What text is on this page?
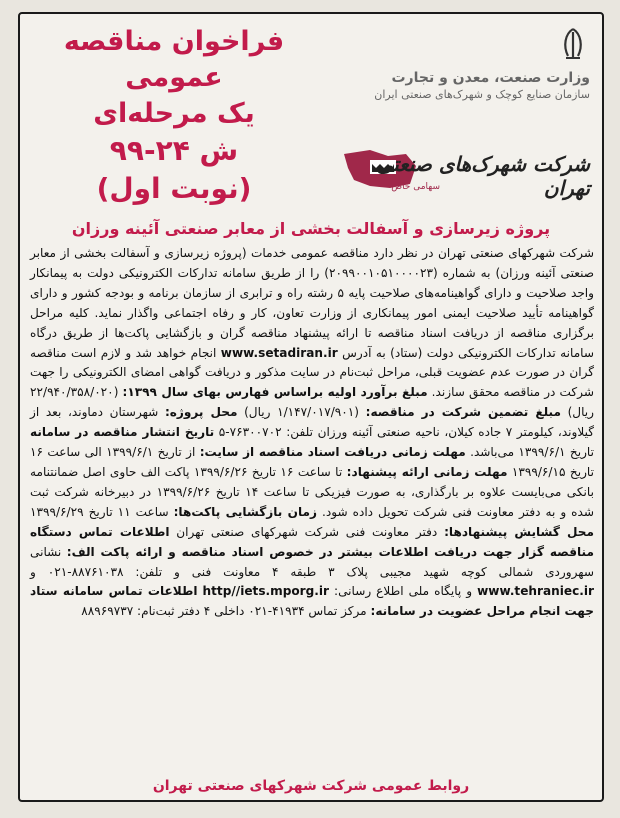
فراخوان مناقصه عمومی
یک مرحله‌ای
ش ۲۴-۹۹
(نوبت اول)
وزارت صنعت، معدن و تجارت
سازمان صنایع کوچک و شهرک‌های صنعتی ایران
شرکت شهرک‌های صنعتی تهران
سهامی خاص
پروژه زیرسازی و آسفالت بخشی از معابر صنعتی آئینه ورزان

شرکت شهرکهای صنعتی تهران در نظر دارد مناقصه عمومی خدمات (پروژه زیرسازی و آسفالت بخشی از معابر صنعتی آئینه ورزان) به شماره (۲۰۹۹۰۰۱۰۵۱۰۰۰۰۲۳) را از طریق سامانه تدارکات الکترونیکی دولت به پیمانکار واجد صلاحیت و دارای گواهینامه‌های صلاحیت پایه ۵ رشته راه و ترابری از سازمان برنامه و بودجه کشور و دارای گواهینامه تأیید صلاحیت ایمنی امور پیمانکاری از وزارت تعاون، کار و رفاه اجتماعی واگذار نماید. کلیه مراحل برگزاری مناقصه از دریافت اسناد مناقصه تا ارائه پیشنهاد مناقصه گران و بازگشایی پاکت‌ها از طریق درگاه سامانه تدارکات الکترونیکی دولت (ستاد) به آدرس www.setadiran.ir انجام خواهد شد و لازم است مناقصه گران در صورت عدم عضویت قبلی، مراحل ثبت‌نام در سایت مذکور و دریافت گواهی امضای الکترونیکی را جهت شرکت در مناقصه محقق سازند. مبلغ برآورد اولیه براساس فهارس بهای سال ۱۳۹۹: (۲۲/۹۴۰/۳۵۸/۰۲۰ ریال) مبلغ تضمین شرکت در مناقصه: (۱/۱۴۷/۰۱۷/۹۰۱ ریال) محل پروژه: شهرستان دماوند، بعد از گیلاوند، کیلومتر ۷ جاده کیلان، ناحیه صنعتی آئینه ورزان تلفن: ۷۶۳۰۰۷۰۲-۵ تاریخ انتشار مناقصه در سامانه تاریخ ۱۳۹۹/۶/۱ می‌باشد. مهلت زمانی دریافت اسناد مناقصه از سایت: از تاریخ ۱۳۹۹/۶/۱ الی ساعت ۱۶ تاریخ ۱۳۹۹/۶/۱۵ مهلت زمانی ارائه پیشنهاد: تا ساعت ۱۶ تاریخ ۱۳۹۹/۶/۲۶ پاکت الف حاوی اصل ضمانتنامه بانکی می‌بایست علاوه بر بارگذاری، به صورت فیزیکی تا ساعت ۱۴ تاریخ ۱۳۹۹/۶/۲۶ در دبیرخانه شرکت ثبت شده و به دفتر معاونت فنی شرکت تحویل داده شود. زمان بازگشایی پاکت‌ها: ساعت ۱۱ تاریخ ۱۳۹۹/۶/۲۹ محل گشایش پیشنهادها: دفتر معاونت فنی شرکت شهرکهای صنعتی تهران اطلاعات تماس دستگاه مناقصه گزار جهت دریافت اطلاعات بیشتر در خصوص اسناد مناقصه و ارائه پاکت الف: نشانی سهروردی شمالی کوچه شهید مجیبی پلاک ۳ طبقه ۴ معاونت فنی و تلفن: ۸۸۷۶۱۰۳۸-۰۲۱ و www.tehraniec.ir و پایگاه ملی اطلاع رسانی: http//iets.mporg.ir اطلاعات تماس سامانه ستاد جهت انجام مراحل عضویت در سامانه: مرکز تماس ۴۱۹۳۴-۰۲۱ داخلی ۴ دفتر ثبت‌نام: ۸۸۹۶۹۷۳۷

روابط عمومی شرکت شهرکهای صنعتی تهران
